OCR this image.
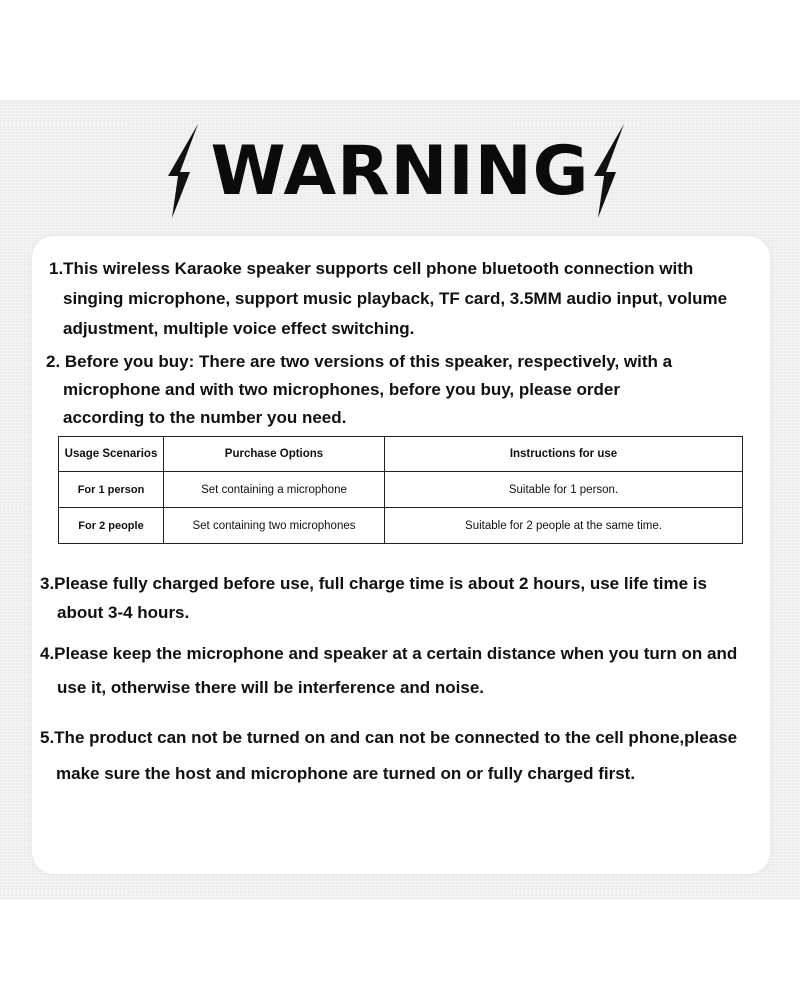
WARNING

1.This wireless Karaoke speaker supports cell phone bluetooth connection with
singing microphone, support music playback, TF card, 3.5MM audio input, volume
adjustment, multiple voice effect switching.

2. Before you buy: There are two versions of this speaker, respectively, with a
microphone and with two microphones, before you buy, please order
according to the number you need.

Usage Scenarios	Purchase Options	Instructions for use
For 1 person	Set containing a microphone	Suitable for 1 person.
For 2 people	Set containing two microphones	Suitable for 2 people at the same time.

3.Please fully charged before use, full charge time is about 2 hours, use life time is
about 3-4 hours.

4.Please keep the microphone and speaker at a certain distance when you turn on and
use it, otherwise there will be interference and noise.

5.The product can not be turned on and can not be connected to the cell phone,please
make sure the host and microphone are turned on or fully charged first.
